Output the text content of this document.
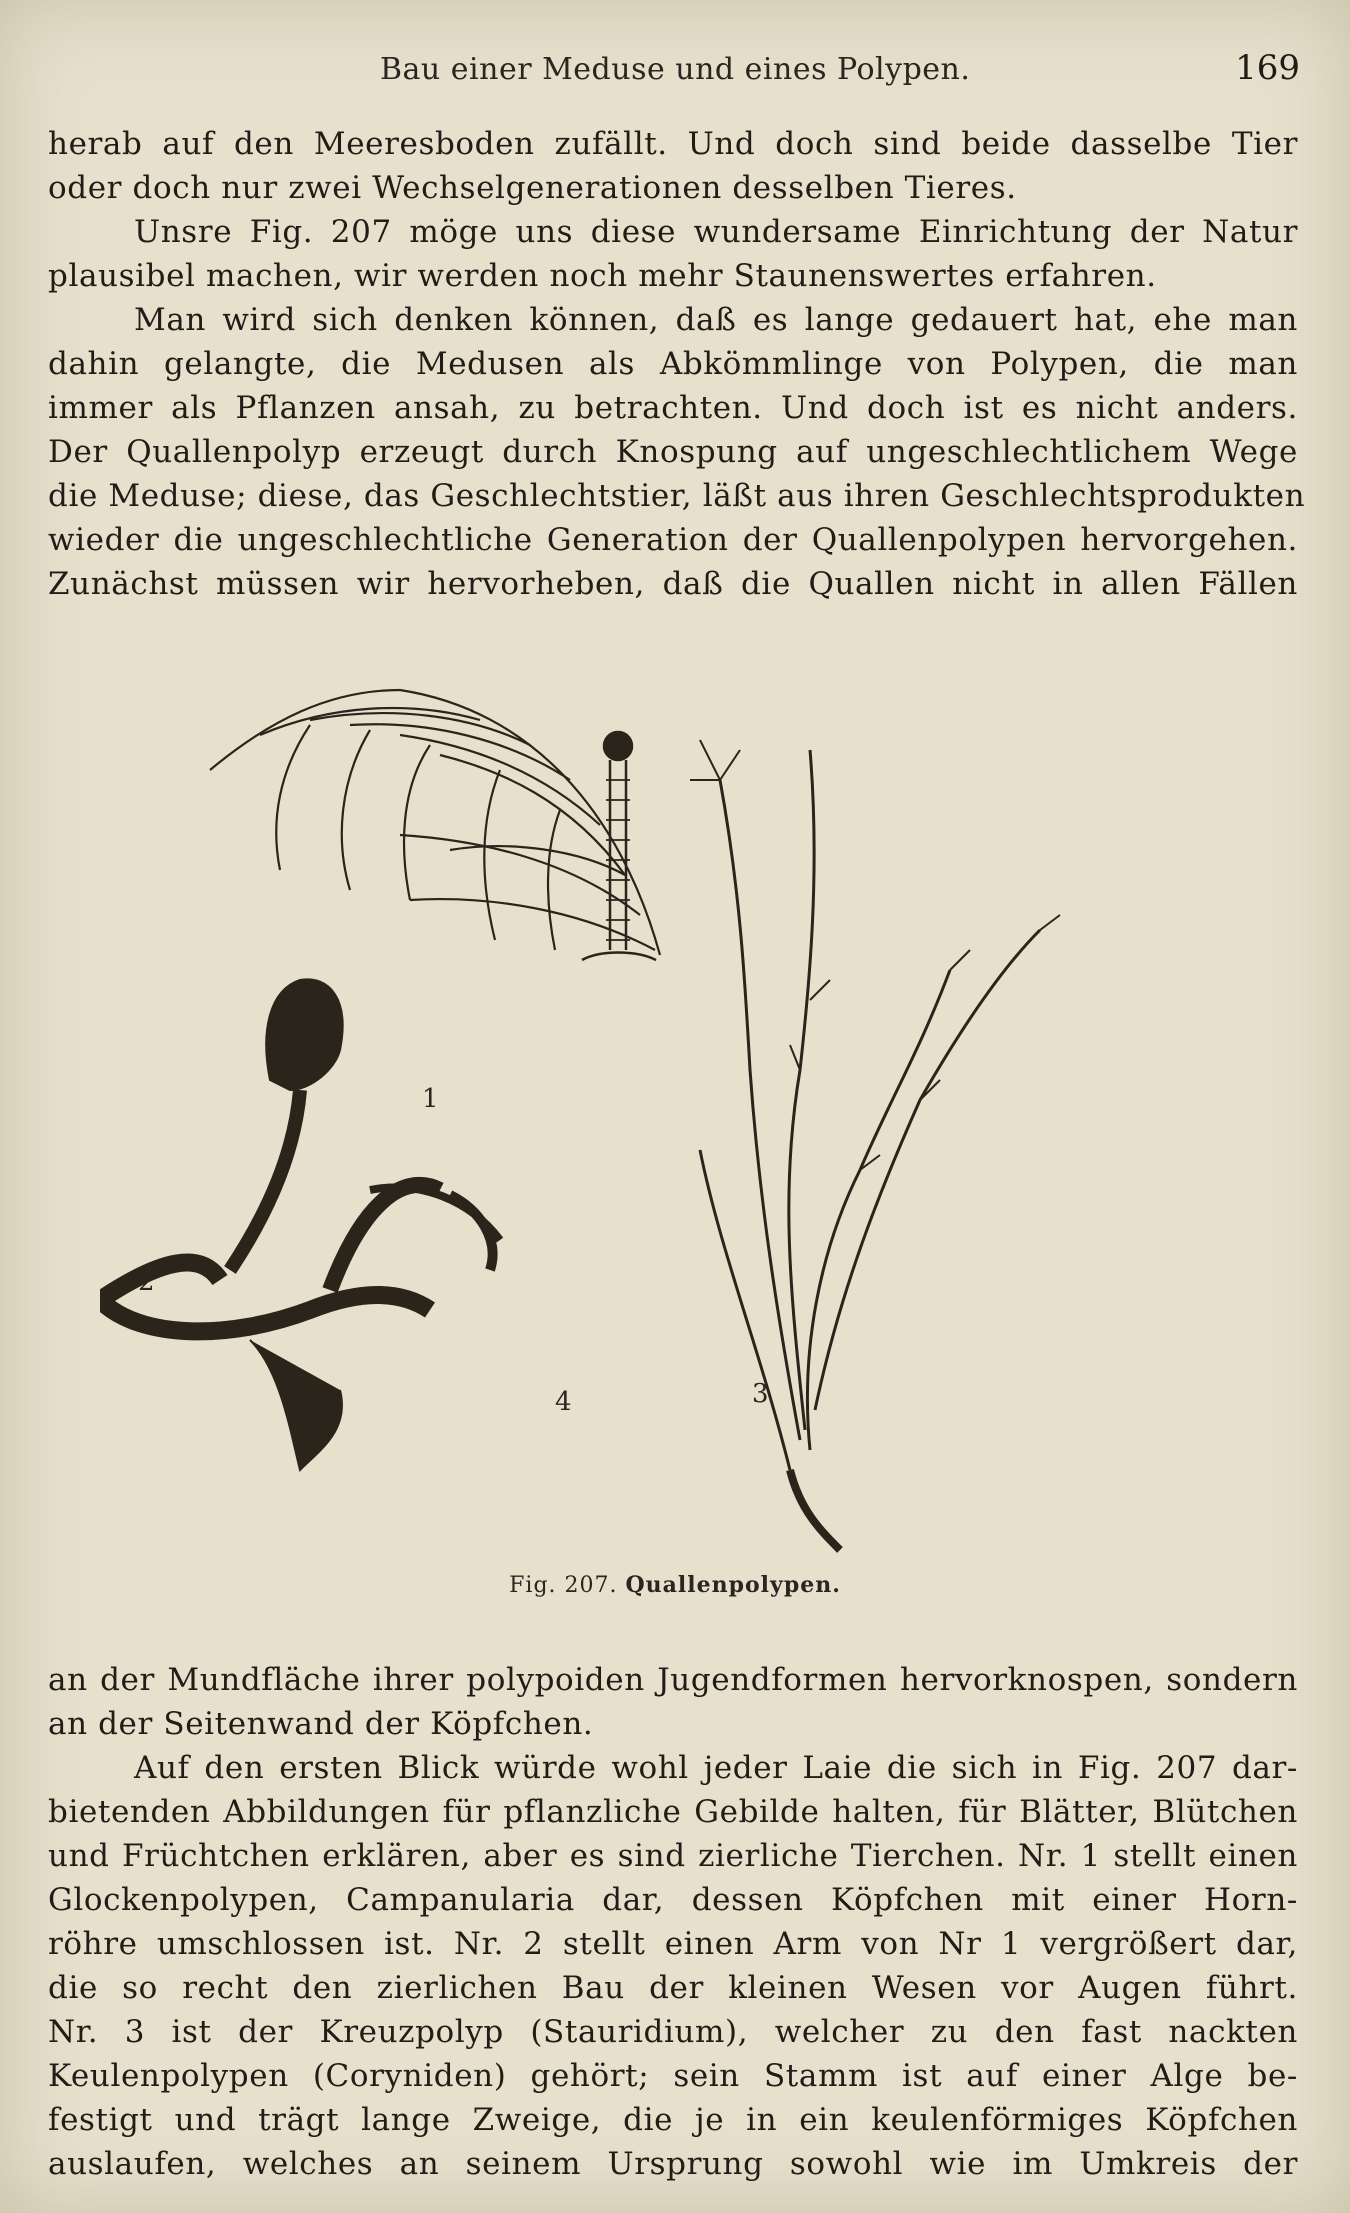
Bau einer Meduse und eines Polypen.	169
herab auf den Meeresboden zufällt. Und doch sind beide dasselbe Tier
oder doch nur zwei Wechselgenerationen desselben Tieres.
Unsre Fig. 207 möge uns diese wundersame Einrichtung der Natur
plausibel machen, wir werden noch mehr Staunenswertes erfahren.
Man wird sich denken können, daß es lange gedauert hat, ehe man
dahin gelangte, die Medusen als Abkömmlinge von Polypen, die man
immer als Pflanzen ansah, zu betrachten. Und doch ist es nicht anders.
Der Quallenpolyp erzeugt durch Knospung auf ungeschlechtlichem Wege
die Meduse; diese, das Geschlechtstier, läßt aus ihren Geschlechtsprodukten
wieder die ungeschlechtliche Generation der Quallenpolypen hervorgehen.
Zunächst müssen wir hervorheben, daß die Quallen nicht in allen Fällen
1
2
3
4
Fig. 207. Quallenpolypen.
an der Mundfläche ihrer polypoiden Jugendformen hervorknospen, sondern
an der Seitenwand der Köpfchen.
Auf den ersten Blick würde wohl jeder Laie die sich in Fig. 207 dar-
bietenden Abbildungen für pflanzliche Gebilde halten, für Blätter, Blütchen
und Früchtchen erklären, aber es sind zierliche Tierchen. Nr. 1 stellt einen
Glockenpolypen, Campanularia dar, dessen Köpfchen mit einer Horn-
röhre umschlossen ist. Nr. 2 stellt einen Arm von Nr 1 vergrößert dar,
die so recht den zierlichen Bau der kleinen Wesen vor Augen führt.
Nr. 3 ist der Kreuzpolyp (Stauridium), welcher zu den fast nackten
Keulenpolypen (Coryniden) gehört; sein Stamm ist auf einer Alge be-
festigt und trägt lange Zweige, die je in ein keulenförmiges Köpfchen
auslaufen, welches an seinem Ursprung sowohl wie im Umkreis der
